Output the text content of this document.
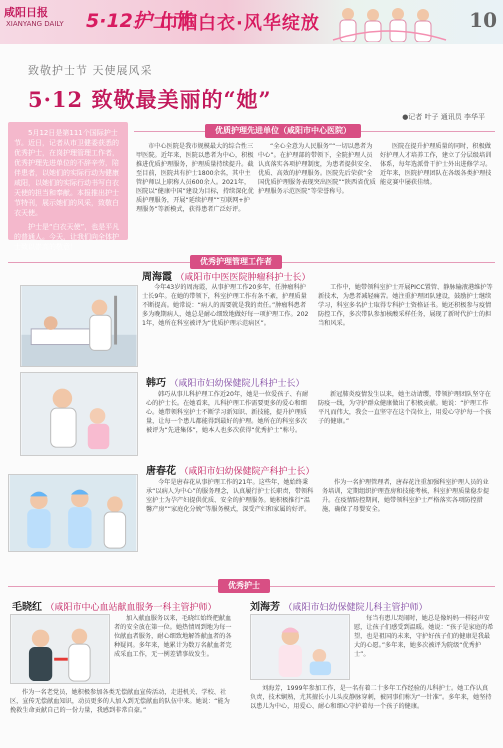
咸阳日报
XIANYANG DAILY 5·12护士节
巾帼白衣·风华绽放	10
致敬护士节 天使展风采
5·12 致敬最美丽的“她”
●记者 叶子 通讯员 李华平

5月12日是第111个国际护士节。近日，记者从市卫健委获悉的优秀护士，在岗护理管理工作者，优秀护理先进单位的不辞辛劳，陪伴患者，以她们的实际行动为健康咸阳，以她们的实际行动书写白衣天使的担当和奉献。本报推出护士节特刊，展示她们的风采，致敬白衣天使。

护士是“白衣天使”，也是平凡的普通人。今天，让我们向全体护士致以崇高的敬意！

优质护理先进单位（咸阳市中心医院）

市中心医院是我市规模最大的综合性三甲医院。近年来，医院以患者为中心，积极推进优质护理服务，护理质量持续提升。截至目前，医院共有护士1800余名，其中主管护师以上职称人员600余人。2021年，医院以“健康中国”建设为目标，持续深化优质护理服务，开展“延续护理”“互联网+护理服务”等新模式，获得患者广泛好评。

“全心全意为人民服务”“一切以患者为中心”。在护理部的带领下，全院护理人员认真落实各项护理制度，为患者提供安全、优质、高效的护理服务。医院先后荣获“全国优质护理服务表现突出医院”“陕西省优质护理服务示范医院”等荣誉称号。

医院在提升护理质量的同时，积极做好护理人才培养工作，建立了分层级培训体系，每年选派骨干护士外出进修学习。近年来，医院护理团队在各级各类护理技能竞赛中屡获佳绩。

优秀护理管理工作者
周海霞 （咸阳市中医医院肿瘤科护士长）

今年43岁的周海霞，从事护理工作20多年，任肿瘤科护士长9年。在她的带领下，科室护理工作有条不紊，护理质量不断提高。她常说：“病人的需要就是我的责任。”肿瘤科患者多为晚期病人，她总是耐心细致地做好每一项护理工作。2021年，她所在科室被评为“优质护理示范病区”。

工作中，她带领科室护士开展PICC置管、静脉输液港维护等新技术，为患者减轻痛苦。她注重护理团队建设，鼓励护士继续学习，科室多名护士取得专科护士资格证书。她还积极参与疫情防控工作，多次带队参加核酸采样任务，展现了新时代护士的担当和风采。

韩巧 （咸阳市妇幼保健院儿科护士长）

韩巧从事儿科护理工作近20年，她是一位爱孩子、有耐心的护士长。在她看来，儿科护理工作需要更多的爱心和细心。她带领科室护士不断学习新知识、新技能，提升护理质量，让每一个患儿都能得到最好的护理。她所在的科室多次被评为“先进集体”，她本人也多次获得“优秀护士”称号。

新冠肺炎疫情发生以来，她主动请缨，带领护理团队坚守在防疫一线，为守护群众健康做出了积极贡献。她说：“护理工作平凡而伟大，我会一直坚守在这个岗位上，用爱心守护每一个孩子的健康。”

唐春花 （咸阳市妇幼保健院产科护士长）

今年是唐春花从事护理工作的21年。这些年，她始终秉承“以病人为中心”的服务理念，认真履行护士长职责，带领科室护士为孕产妇提供优质、安全的护理服务。她积极推行“温馨产房”“家庭化分娩”等服务模式，深受产妇和家属的好评。

作为一名护理管理者，唐春花注重加强科室护理人员的业务培训，定期组织护理查房和技能考核，科室护理质量稳步提升。在疫情防控期间，她带领科室护士严格落实各项防控措施，确保了母婴安全。

优秀护士
毛晓红 （咸阳市中心血站献血服务一科主管护师）

加入献血服务以来，毛晓红始终把献血者的安全放在第一位。她热情周到地为每一位献血者服务，耐心细致地解答献血者的各种疑问。多年来，她累计为数万名献血者完成采血工作，无一例差错事故发生。

作为一名老党员，她积极参加各类无偿献血宣传活动，走进机关、学校、社区，宣传无偿献血知识，动员更多的人加入到无偿献血的队伍中来。她说：“能为挽救生命贡献自己的一份力量，我感到非常自豪。”

刘海芳 （咸阳市妇幼保健院儿科主管护师）

每当有患儿哭闹时，她总是像妈妈一样轻声安慰，让孩子们感受到温暖。她说：“孩子是家庭的希望，也是祖国的未来，守护好孩子们的健康是我最大的心愿。”多年来，她多次被评为院级“优秀护士”。

刘海芳，1999年参加工作，是一名有着二十多年工作经验的儿科护士。她工作认真负责，技术娴熟，尤其擅长小儿头皮静脉穿刺，被同事们称为“一针准”。多年来，她坚持以患儿为中心，用爱心、耐心和细心守护着每一个孩子的健康。
